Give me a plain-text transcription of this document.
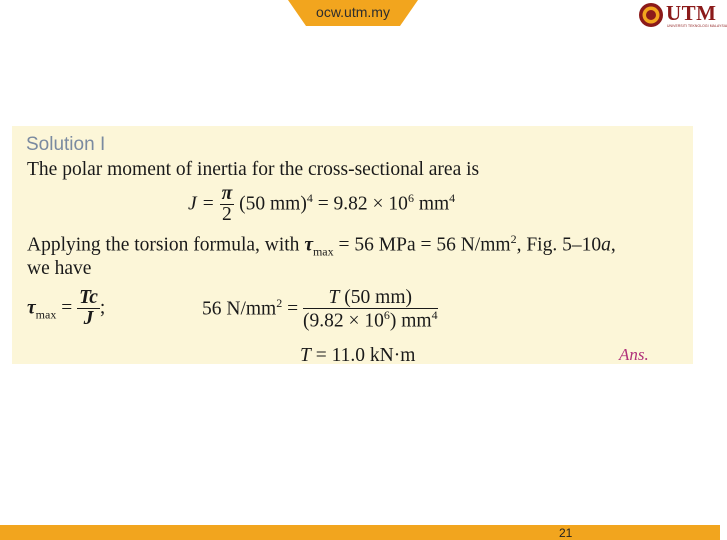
ocw.utm.my	UTM
UNIVERSITI TEKNOLOGI MALAYSIA
Solution I
The polar moment of inertia for the cross-sectional area is
$J = \frac{\pi}{2} (50$ $mm)^4 = 9.82 \times 10^6$ $mm^4$
Applying the torsion formula, with $\tau_{max} = 56$ MPa = 56 $N/mm^2$, Fig. 5–10a,
we have
$\tau_{max} = \frac{Tc}{J}$ ;	56 $N/mm^2 = \frac{T (50 mm)}{(9.82 \times 10^6) mm^4}$
T = 11.0 kN·m	Ans.
21
